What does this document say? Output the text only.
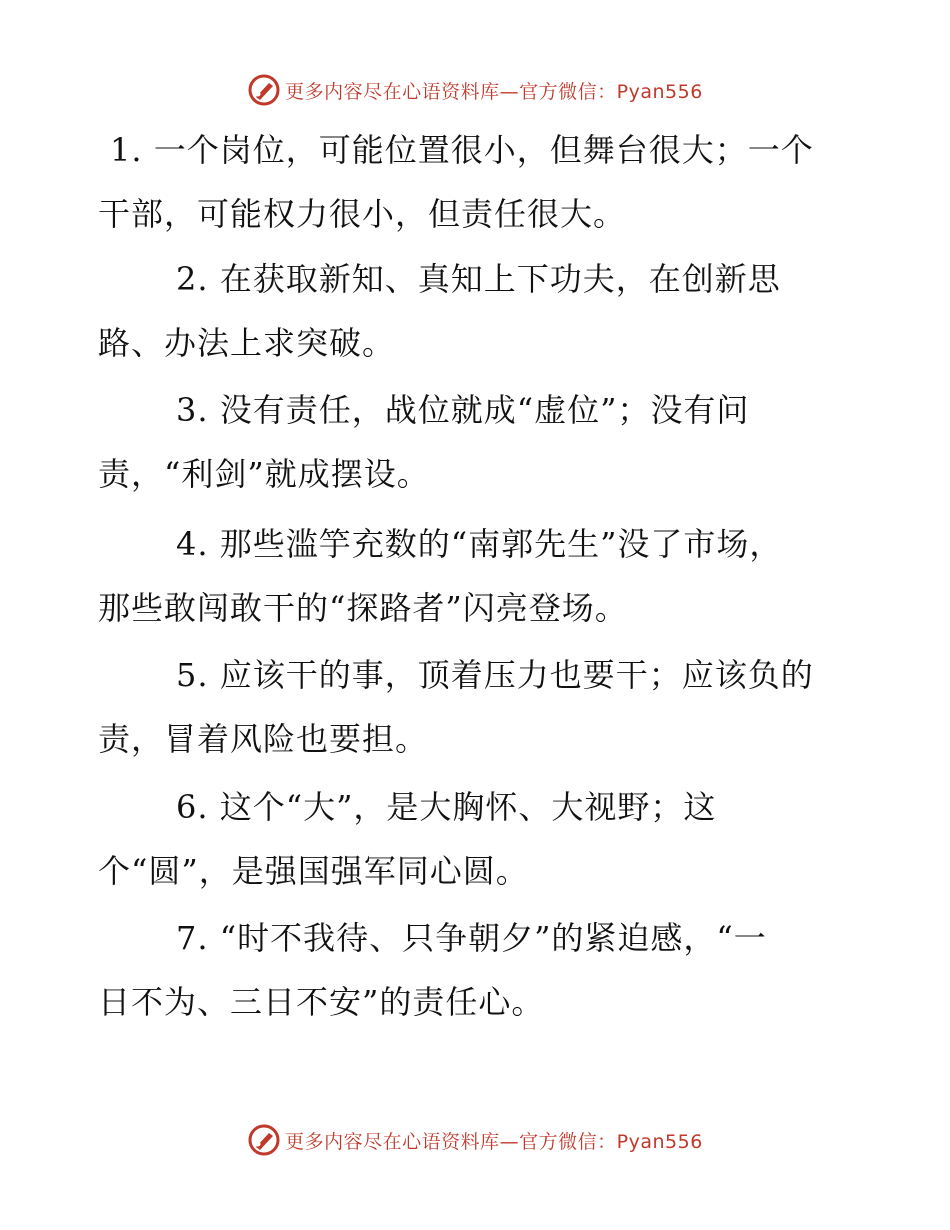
更多内容尽在心语资料库—官方微信：Pyan556
1. 一个岗位，可能位置很小，但舞台很大；一个
干部，可能权力很小，但责任很大。
2. 在获取新知、真知上下功夫，在创新思
路、办法上求突破。
3. 没有责任，战位就成“虚位”；没有问
责，“利剑”就成摆设。
4. 那些滥竽充数的“南郭先生”没了市场，
那些敢闯敢干的“探路者”闪亮登场。
5. 应该干的事，顶着压力也要干；应该负的
责，冒着风险也要担。
6. 这个“大”，是大胸怀、大视野；这
个“圆”，是强国强军同心圆。
7. “时不我待、只争朝夕”的紧迫感，“一
日不为、三日不安”的责任心。
更多内容尽在心语资料库—官方微信：Pyan556
